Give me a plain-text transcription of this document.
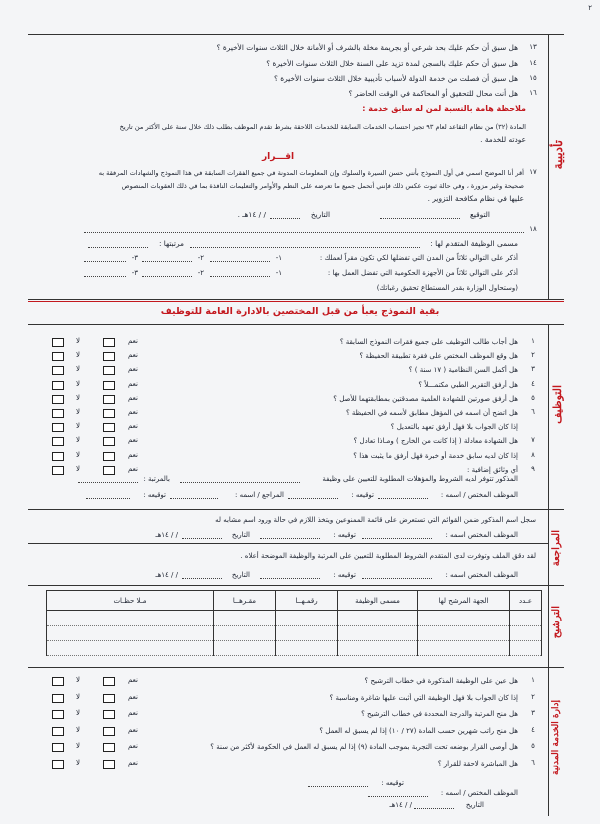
٢
تأديبية
١٣
هل سبق أن حكم عليك بحد شرعي أو بجريمة مخلة بالشرف أو الأمانة خلال الثلاث سنوات الأخيرة ؟
١٤
هل سبق أن حكم عليك بالسجن لمدة تزيد على السنة خلال الثلاث سنوات الأخيرة ؟
١٥
هل سبق أن فصلت من خدمة الدولة لأسباب تأديبية خلال الثلاث سنوات الأخيرة ؟
١٦
هل أنت محال للتحقيق أو المحاكمة في الوقت الحاضر ؟
ملاحظة هامة بالنسبة لمن له سابق خدمة :
المادة (٣٢) من نظام التقاعد لعام ٩٣ تجيز احتساب الخدمات السابقة للخدمات اللاحقة بشرط تقدم الموظف بطلب ذلك خلال سنة على الأكثر من تاريخ
عودته للخدمة .
اقـــرار
١٧
أقر أنا الموضح اسمي في أول النموذج بأنني حسن السيرة والسلوك وإن المعلومات المدونة في جميع الفقرات السابقة في هذا النموذج والشهادات المرفقة به
صحيحة وغير مزورة ، وفي حالة ثبوت عكس ذلك فإنني أتحمل جميع ما تعرضه على النظم والأوامر والتعليمات النافذة بما في ذلك العقوبات المنصوص
عليها في نظام مكافحة التزوير .
التوقيع
التاريخ
/ / ١٤هـ .
١٨
مسمى الوظيفة المتقدم لها :
مرتبتها :
أذكر على التوالي ثلاثاً من المدن التي تفضلها لكي تكون مقراً لعملك :
١-
٢-
٣-
أذكر على التوالي ثلاثاً من الأجهزة الحكومية التي تفضل العمل بها :
١-
٢-
٣-
(وستحاول الوزارة بقدر المستطاع تحقيق رغباتك)
بقية النموذج يعبأ من قبل المختصين بالادارة العامة للتوظيف
التوظيف
١
هل أجاب طالب التوظيف على جميع فقرات النموذج السابقة ؟
نعم
لا
٢
هل وقع الموظف المختص على فقرة تطبيقة الحفيظة ؟
نعم
لا
٣
هل أكمل السن النظامية ( ١٧ سنة ) ؟
نعم
لا
٤
هل أرفق التقرير الطبي مكتمـــلاً ؟
نعم
لا
٥
هل أرفق صورتين للشهادة العلمية مصدقتين بمطابقتهما للأصل ؟
نعم
لا
٦
هل اتضح أن اسمه في المؤهل مطابق لأسمه في الحفيظة ؟
نعم
لا
إذا كان الجواب بلا فهل أرفق تعهد بالتعديل ؟
نعم
لا
٧
هل الشهادة معادلة ( إذا كانت من الخارج ) ومـاذا تعادل ؟
نعم
لا
٨
إذا كان لديه سابق خدمة أو خبرة فهل أرفق ما يثبت هذا ؟
نعم
لا
٩
أي وثائق إضافية :
نعم
لا
المذكور تتوفر لديه الشروط والمؤهلات المطلوبة للتعيين على وظيفة
بالمرتبة :
الموظف المختص / اسمه :
توقيعه :
المراجع / اسمه :
توقيعه :
المراجعة
سجل اسم المذكور ضمن القوائم التي تستعرض على قائمة الممنوعين ويتخذ اللازم في حالة ورود اسم مشابه له
الموظف المختص اسمه :
توقيعه :
التاريخ
/ / ١٤هـ
لقد دقق الملف وتوفرت لدى المتقدم الشروط المطلوبة للتعيين على المرتبة والوظيفة الموضحة أعلاه .
الموظف المختص اسمه :
توقيعه :
التاريخ
/ / ١٤هـ
الترشيح
عـدد	الجهة المرشح لها	مسمى الوظيفة	رقمـهــا	مقـرهــا	مـلا حظـات

إدارة الخدمة المدنية
١
هل عين على الوظيفة المذكورة في خطاب الترشيح ؟
نعم
لا
٢
إذا كان الجواب بلا فهل الوظيفة التي أثبت عليها شاغرة ومناسبة ؟
نعم
لا
٣
هل منح المرتبة والدرجة المحددة في خطاب الترشيح ؟
نعم
لا
٤
هل منح راتب شهرين حسب المادة (٢٧ / ١٠) إذا لم يسبق له العمل ؟
نعم
لا
٥
هل أوصى القرار بوضعه تحت التجربة بموجب المادة (٩) إذا لم يسبق له العمل في الحكومة لأكثر من سنة ؟
نعم
لا
٦
هل المباشرة لاحقة للقرار ؟
نعم
لا
توقيعه :
الموظف المختص / اسمه :
التاريخ
/ / ١٤هـ
